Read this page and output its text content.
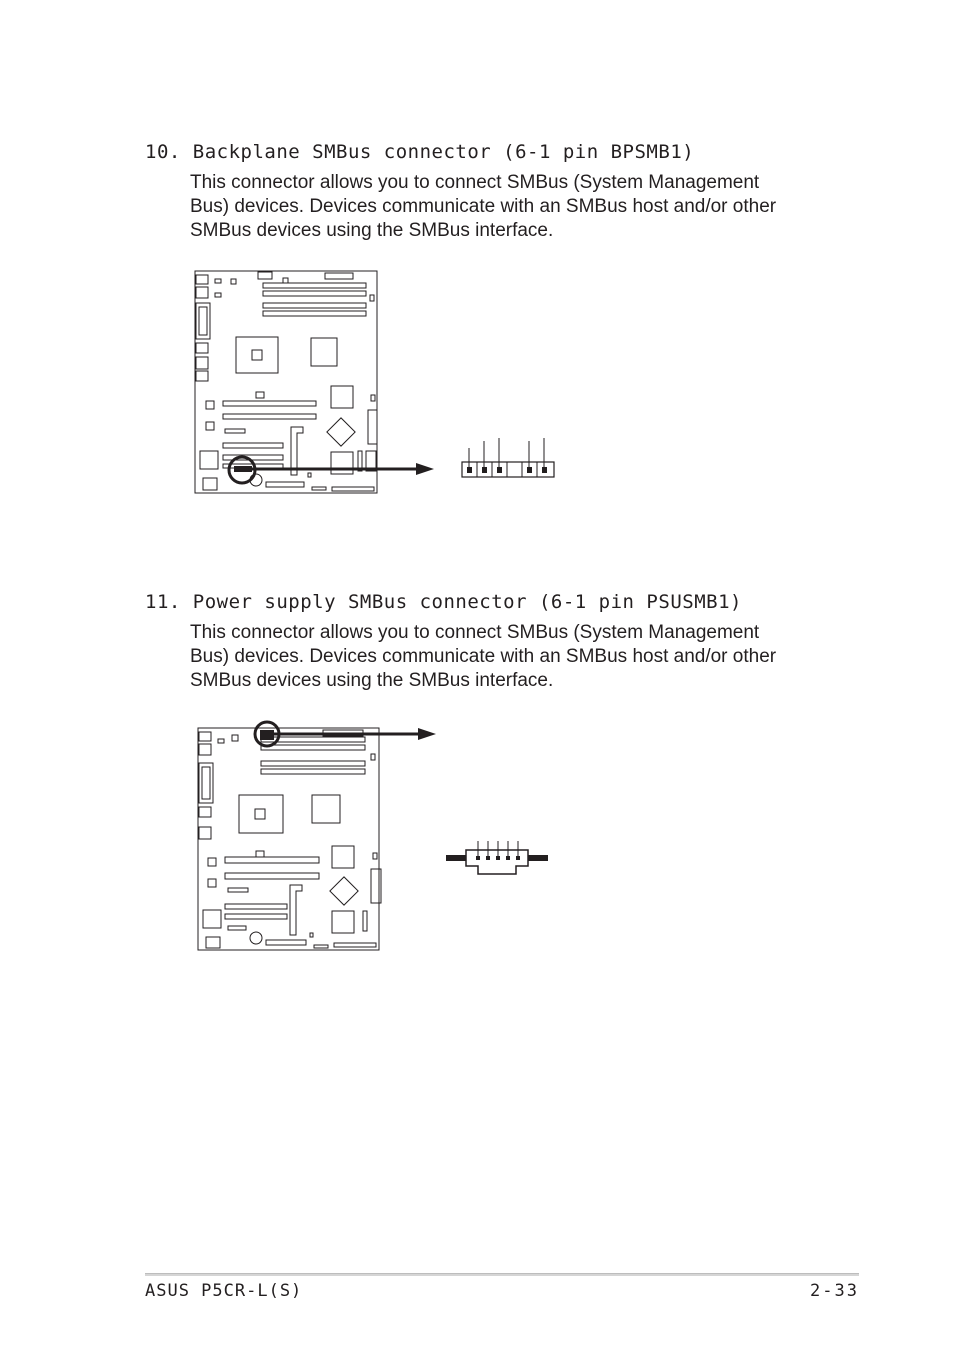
10. Backplane SMBus connector (6-1 pin BPSMB1)

This connector allows you to connect SMBus (System Management
Bus) devices. Devices communicate with an SMBus host and/or other
SMBus devices using the SMBus interface.

11. Power supply SMBus connector (6-1 pin PSUSMB1)

This connector allows you to connect SMBus (System Management
Bus) devices. Devices communicate with an SMBus host and/or other
SMBus devices using the SMBus interface.

ASUS P5CR-L(S)	2-33
